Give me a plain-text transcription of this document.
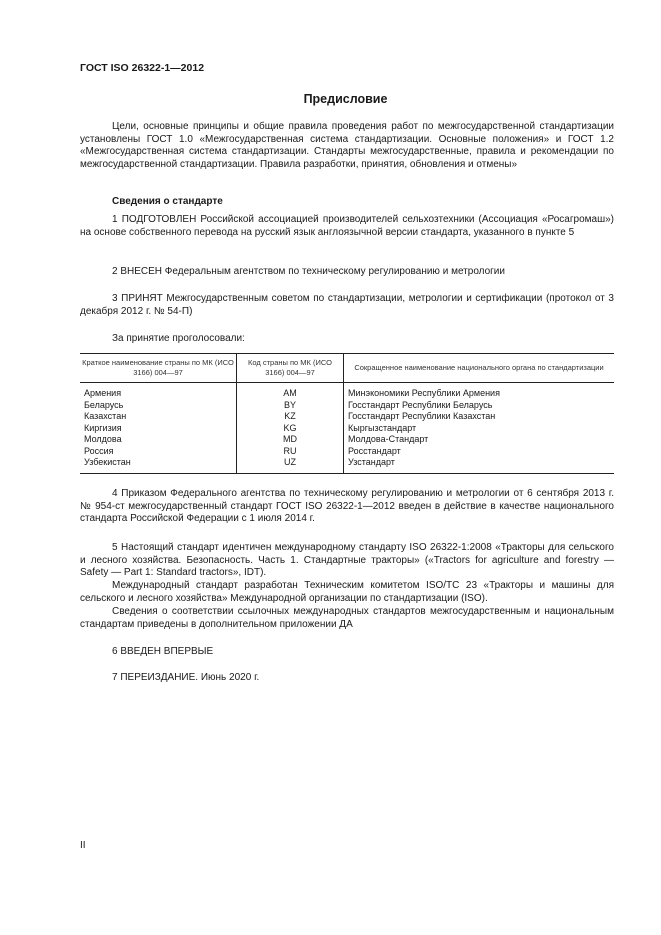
ГОСТ ISO 26322-1—2012
Предисловие

Цели, основные принципы и общие правила проведения работ по межгосударственной стандартизации установлены ГОСТ 1.0 «Межгосударственная система стандартизации. Основные положения» и ГОСТ 1.2 «Межгосударственная система стандартизации. Стандарты межгосударственные, правила и рекомендации по межгосударственной стандартизации. Правила разработки, принятия, обновления и отмены»

Сведения о стандарте

1 ПОДГОТОВЛЕН Российской ассоциацией производителей сельхозтехники (Ассоциация «Росагромаш») на основе собственного перевода на русский язык англоязычной версии стандарта, указанного в пункте 5

2 ВНЕСЕН Федеральным агентством по техническому регулированию и метрологии

3 ПРИНЯТ Межгосударственным советом по стандартизации, метрологии и сертификации (протокол от 3 декабря 2012 г. № 54-П)

За принятие проголосовали:

Краткое наименование страны по МК (ИСО 3166) 004—97	Код страны по МК (ИСО 3166) 004—97	Сокращенное наименование национального органа по стандартизации
Армения	AM	Минэкономики Республики Армения
Беларусь	BY	Госстандарт Республики Беларусь
Казахстан	KZ	Госстандарт Республики Казахстан
Киргизия	KG	Кыргызстандарт
Молдова	MD	Молдова-Стандарт
Россия	RU	Росстандарт
Узбекистан	UZ	Узстандарт

4 Приказом Федерального агентства по техническому регулированию и метрологии от 6 сентября 2013 г. № 954-ст межгосударственный стандарт ГОСТ ISO 26322-1—2012 введен в действие в качестве национального стандарта Российской Федерации с 1 июля 2014 г.

5 Настоящий стандарт идентичен международному стандарту ISO 26322-1:2008 «Тракторы для сельского и лесного хозяйства. Безопасность. Часть 1. Стандартные тракторы» («Tractors for agriculture and forestry — Safety — Part 1: Standard tractors», IDT).

Международный стандарт разработан Техническим комитетом ISO/TC 23 «Тракторы и машины для сельского и лесного хозяйства» Международной организации по стандартизации (ISO).

Сведения о соответствии ссылочных международных стандартов межгосударственным и национальным стандартам приведены в дополнительном приложении ДА

6 ВВЕДЕН ВПЕРВЫЕ

7 ПЕРЕИЗДАНИЕ. Июнь 2020 г.

II
